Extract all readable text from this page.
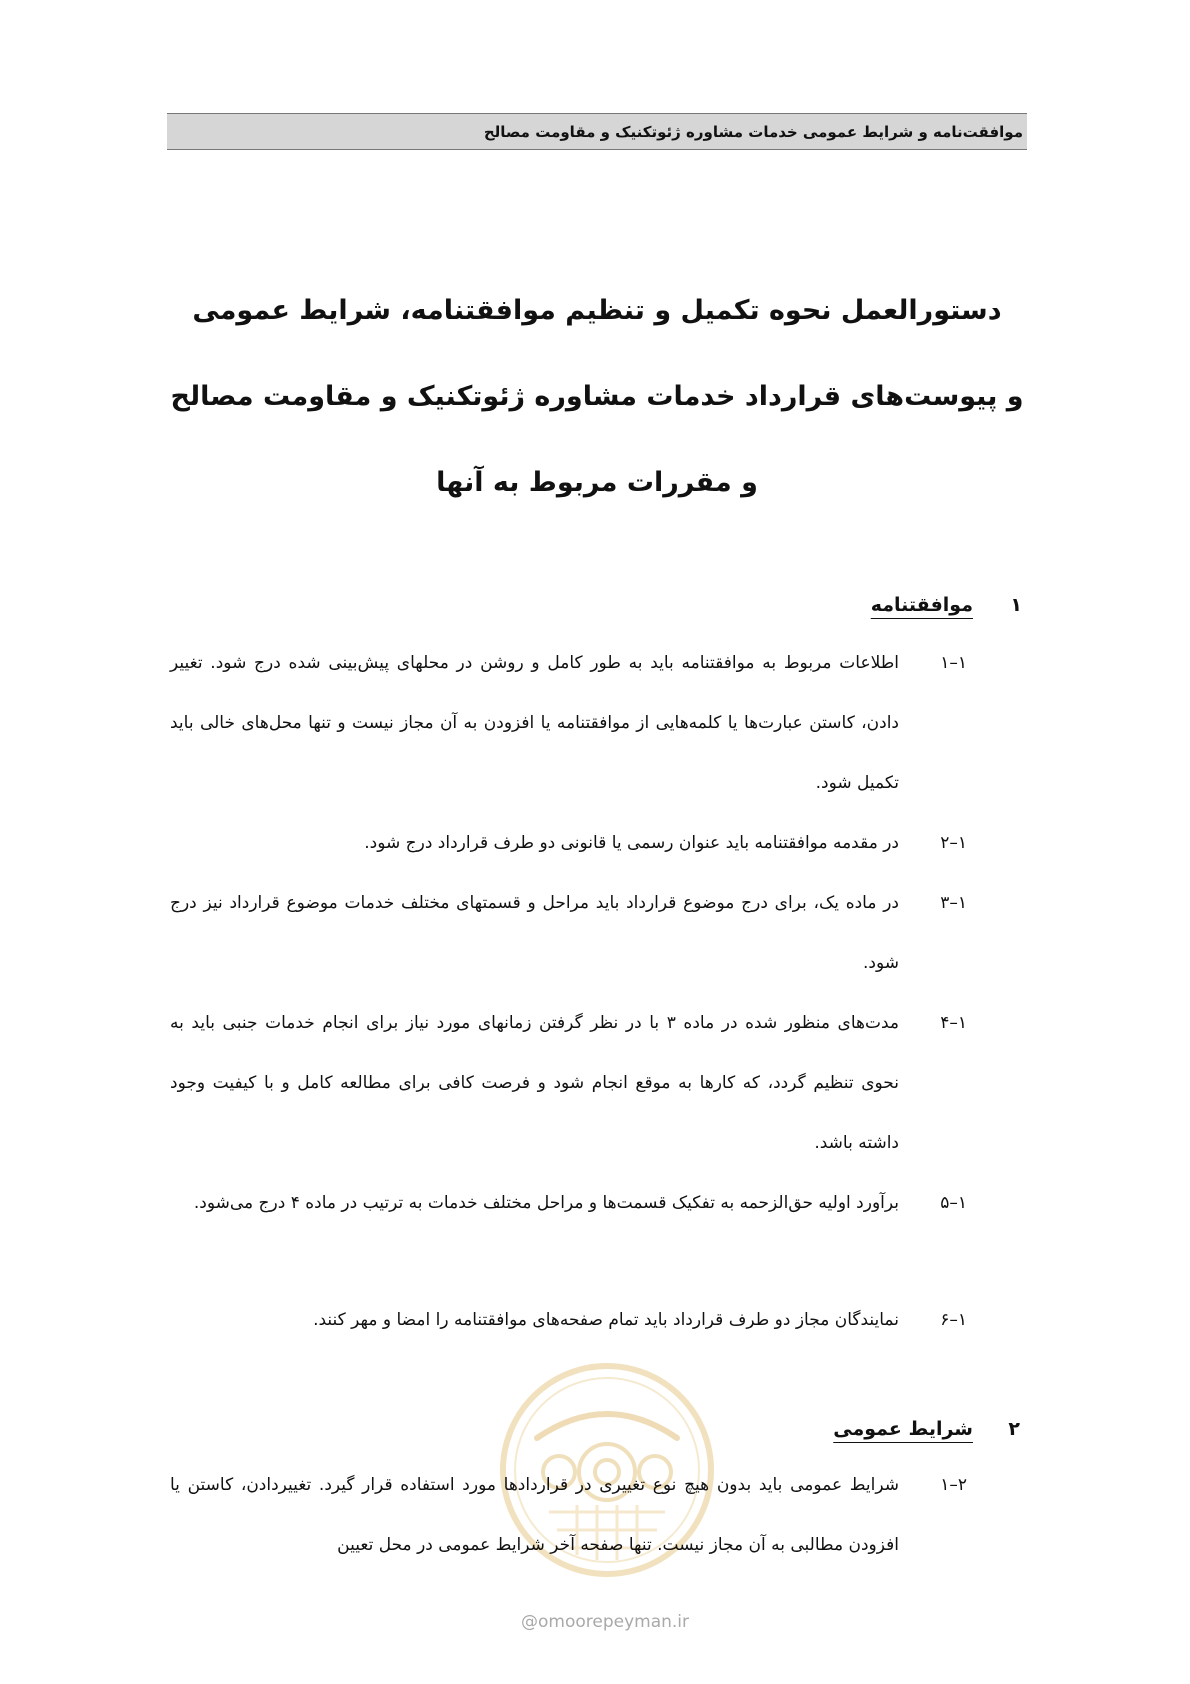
موافقت‌نامه و شرایط عمومی خدمات مشاوره ژئوتکنیک و مقاومت مصالح
دستورالعمل نحوه تکمیل و تنظیم موافقتنامه، شرایط عمومی
و پیوست‌های قرارداد خدمات مشاوره ژئوتکنیک و مقاومت مصالح
و مقررات مربوط به آنها
۱
موافقتنامه
۱–۱
اطلاعات مربوط به موافقتنامه باید به طور کامل و روشن در محلهای پیش‌بینی شده درج شود. تغییر دادن، کاستن عبارت‌ها یا کلمه‌هایی از موافقتنامه یا افزودن به آن مجاز نیست و تنها محل‌های خالی باید تکمیل شود.
۱–۲
در مقدمه موافقتنامه باید عنوان رسمی یا قانونی دو طرف قرارداد درج شود.
۱–۳
در ماده یک، برای درج موضوع قرارداد باید مراحل و قسمتهای مختلف خدمات موضوع قرارداد نیز درج شود.
۱–۴
مدت‌های منظور شده در ماده ۳ با در نظر گرفتن زمانهای مورد نیاز برای انجام خدمات جنبی باید به نحوی تنظیم گردد، که کارها به موقع انجام شود و فرصت کافی برای مطالعه کامل و با کیفیت وجود داشته باشد.
۱–۵
برآورد اولیه حق‌الزحمه به تفکیک قسمت‌ها و مراحل مختلف خدمات به ترتیب در ماده ۴ درج می‌شود.
۱–۶
نمایندگان مجاز دو طرف قرارداد باید تمام صفحه‌های موافقتنامه را امضا و مهر کنند.
۲
شرایط عمومی
۲–۱
شرایط عمومی باید بدون هیچ نوع تغییری در قراردادها مورد استفاده قرار گیرد. تغییردادن، کاستن یا افزودن مطالبی به آن مجاز نیست. تنها صفحه آخر شرایط عمومی در محل تعیین
@omoorepeyman.ir
